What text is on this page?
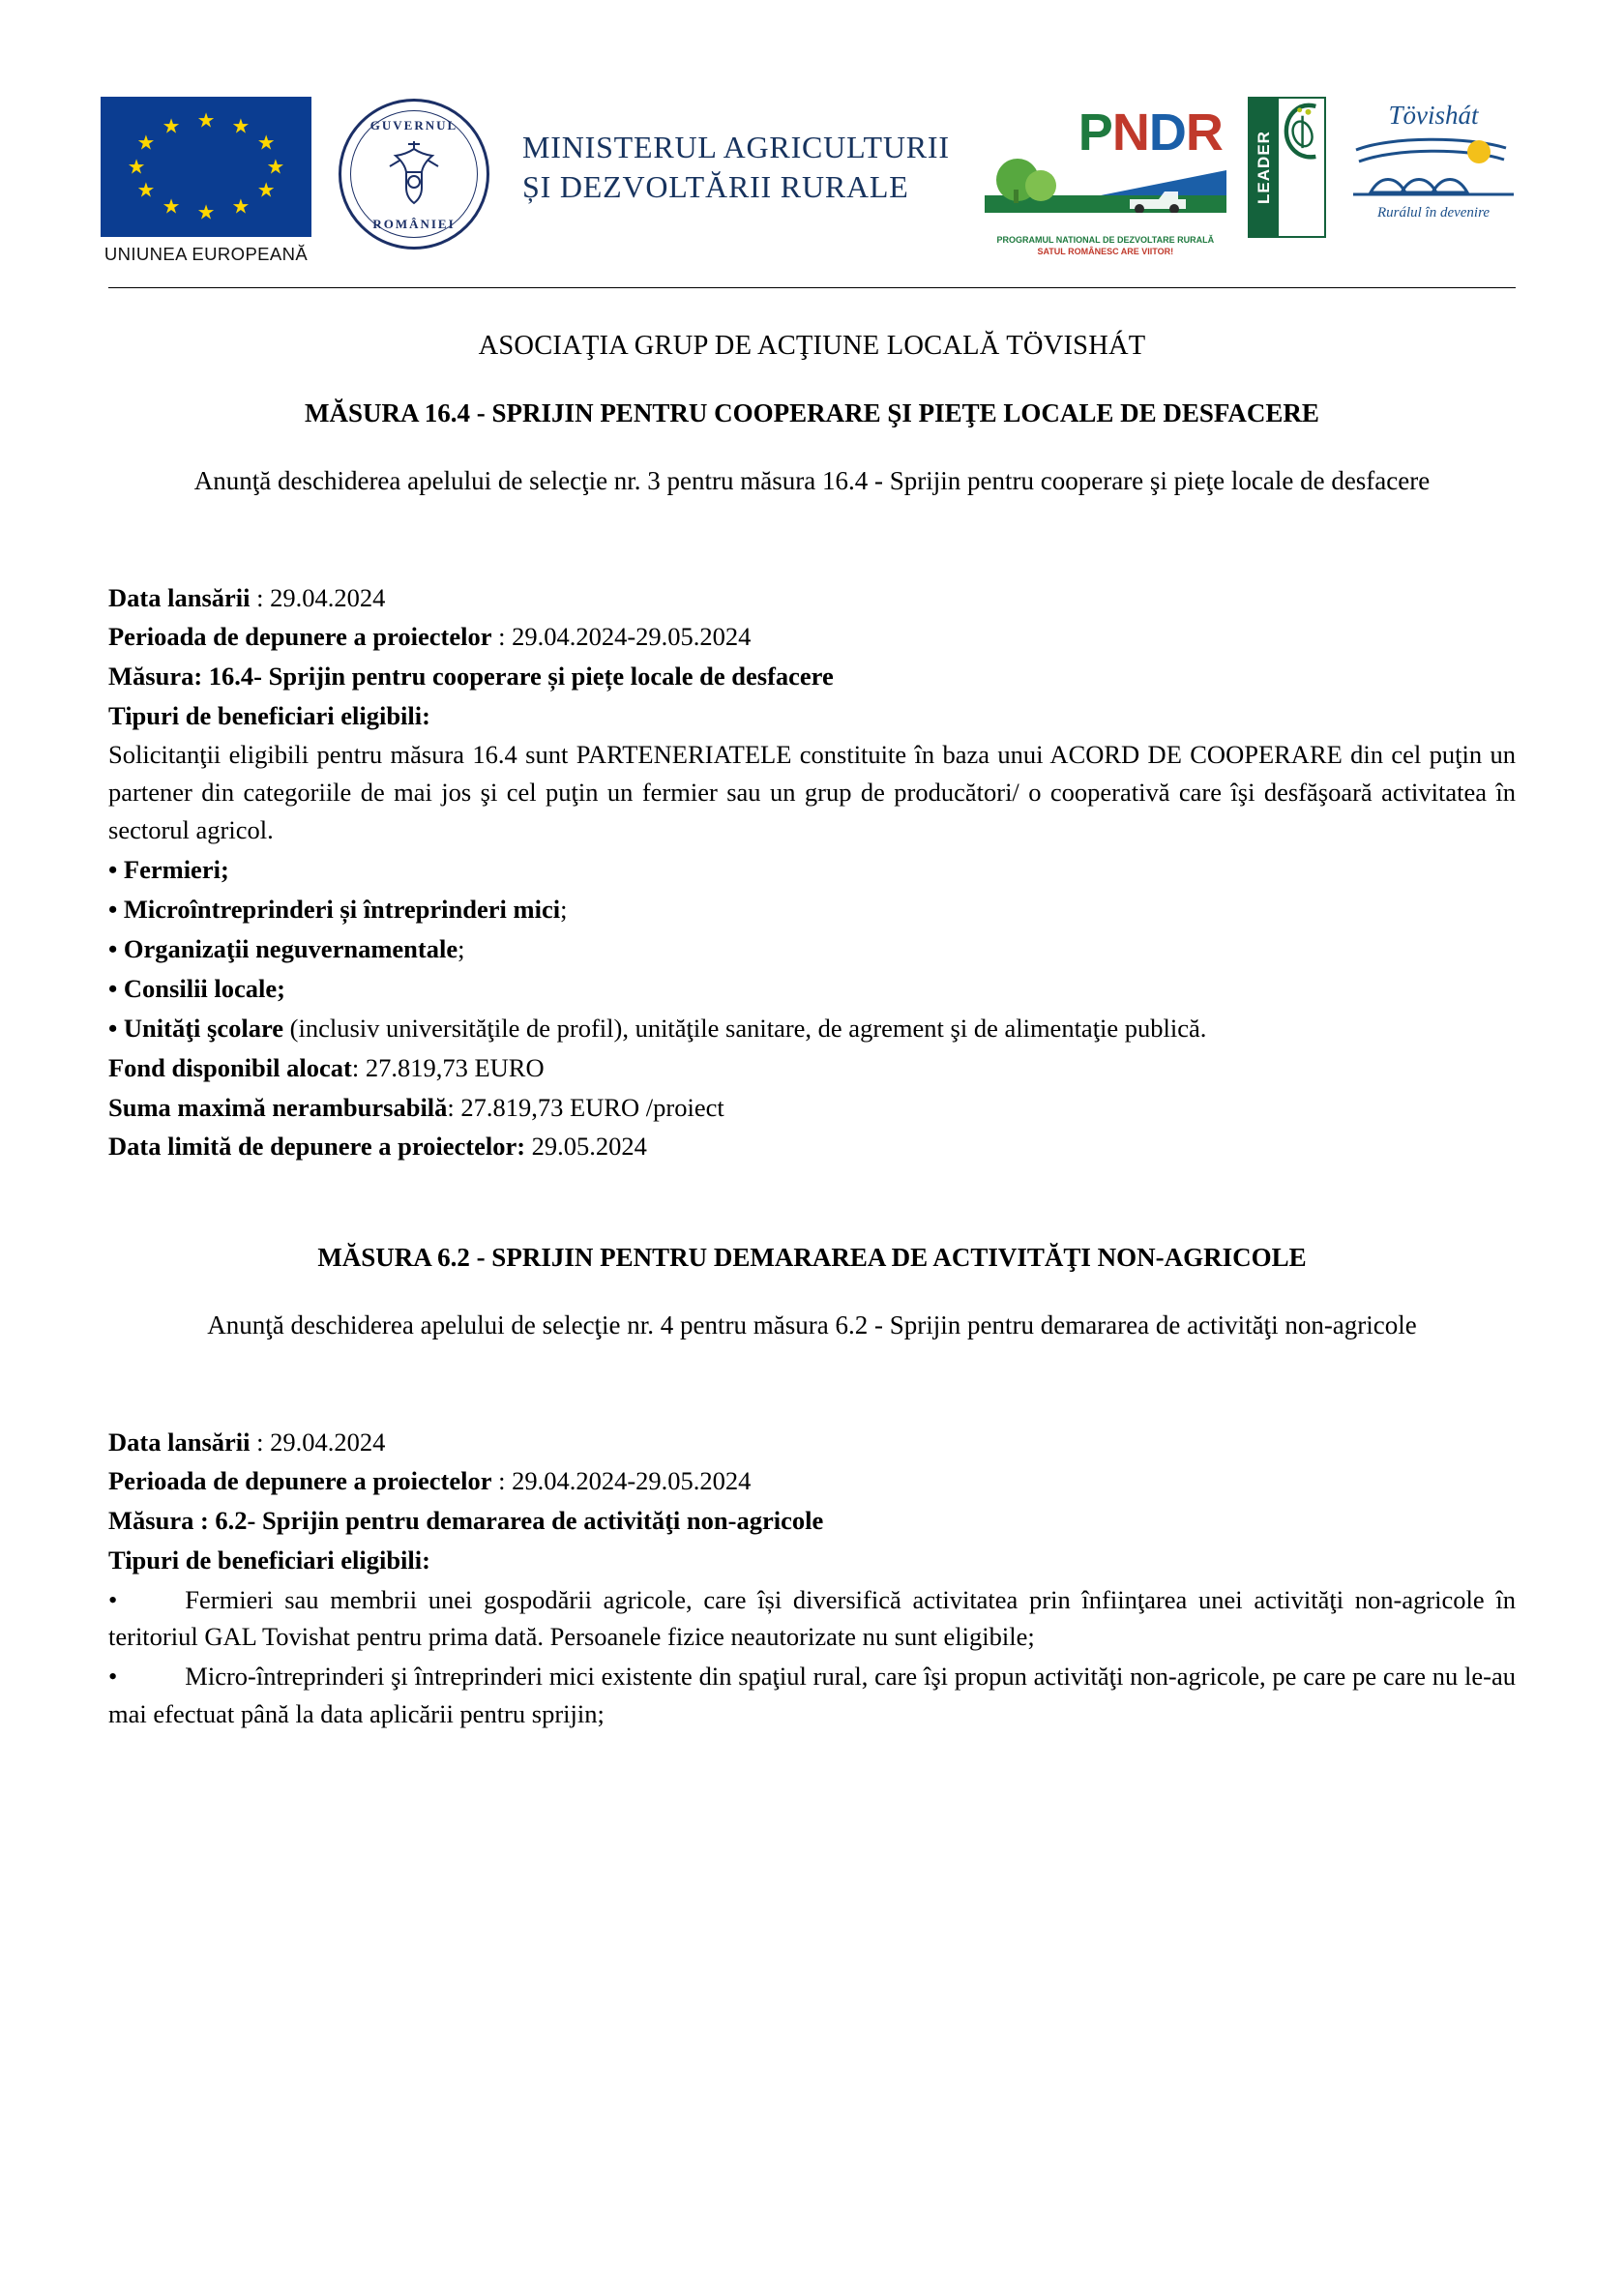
★ ★
★
★
★
★
★
★
★
★
★
★
UNIUNEA EUROPEANĂ
GUVERNUL
ROMÂNIEI
MINISTERUL AGRICULTURII
ȘI DEZVOLTĂRII RURALE
PNDR
PROGRAMUL NATIONAL DE DEZVOLTARE RURALĂ
SATUL ROMÂNESC ARE VIITOR!
LEADER
Tövishát
Rurálul în devenire
ASOCIAŢIA GRUP DE ACŢIUNE LOCALĂ TÖVISHÁT
MĂSURA 16.4 - SPRIJIN PENTRU COOPERARE ŞI PIEŢE LOCALE DE DESFACERE
Anunţă deschiderea apelului de selecţie nr. 3 pentru măsura 16.4 - Sprijin pentru cooperare şi pieţe locale de desfacere
Data lansării : 29.04.2024
Perioada de depunere a proiectelor : 29.04.2024-29.05.2024
Măsura: 16.4- Sprijin pentru cooperare și piețe locale de desfacere
Tipuri de beneficiari eligibili:
Solicitanţii eligibili pentru măsura 16.4 sunt PARTENERIATELE constituite în baza unui ACORD DE COOPERARE din cel puţin un partener din categoriile de mai jos şi cel puţin un fermier sau un grup de producători/ o cooperativă care îşi desfăşoară activitatea în sectorul agricol.
• Fermieri;
• Microîntreprinderi și întreprinderi mici;
• Organizaţii neguvernamentale;
• Consilii locale;
• Unităţi şcolare (inclusiv universităţile de profil), unităţile sanitare, de agrement şi de alimentaţie publică.
Fond disponibil alocat: 27.819,73 EURO
Suma maximă nerambursabilă: 27.819,73 EURO /proiect
Data limită de depunere a proiectelor: 29.05.2024
MĂSURA 6.2 - SPRIJIN PENTRU DEMARAREA DE ACTIVITĂŢI NON-AGRICOLE
Anunţă deschiderea apelului de selecţie nr. 4 pentru măsura 6.2 - Sprijin pentru demararea de activităţi non-agricole
Data lansării : 29.04.2024
Perioada de depunere a proiectelor : 29.04.2024-29.05.2024
Măsura : 6.2- Sprijin pentru demararea de activităţi non-agricole
Tipuri de beneficiari eligibili:
•	Fermieri sau membrii unei gospodării agricole, care își diversifică activitatea prin înfiinţarea unei activităţi non-agricole în teritoriul GAL Tovishat pentru prima dată. Persoanele fizice neautorizate nu sunt eligibile;
•	Micro-întreprinderi şi întreprinderi mici existente din spaţiul rural, care îşi propun activităţi non-agricole, pe care pe care nu le-au mai efectuat până la data aplicării pentru sprijin;
